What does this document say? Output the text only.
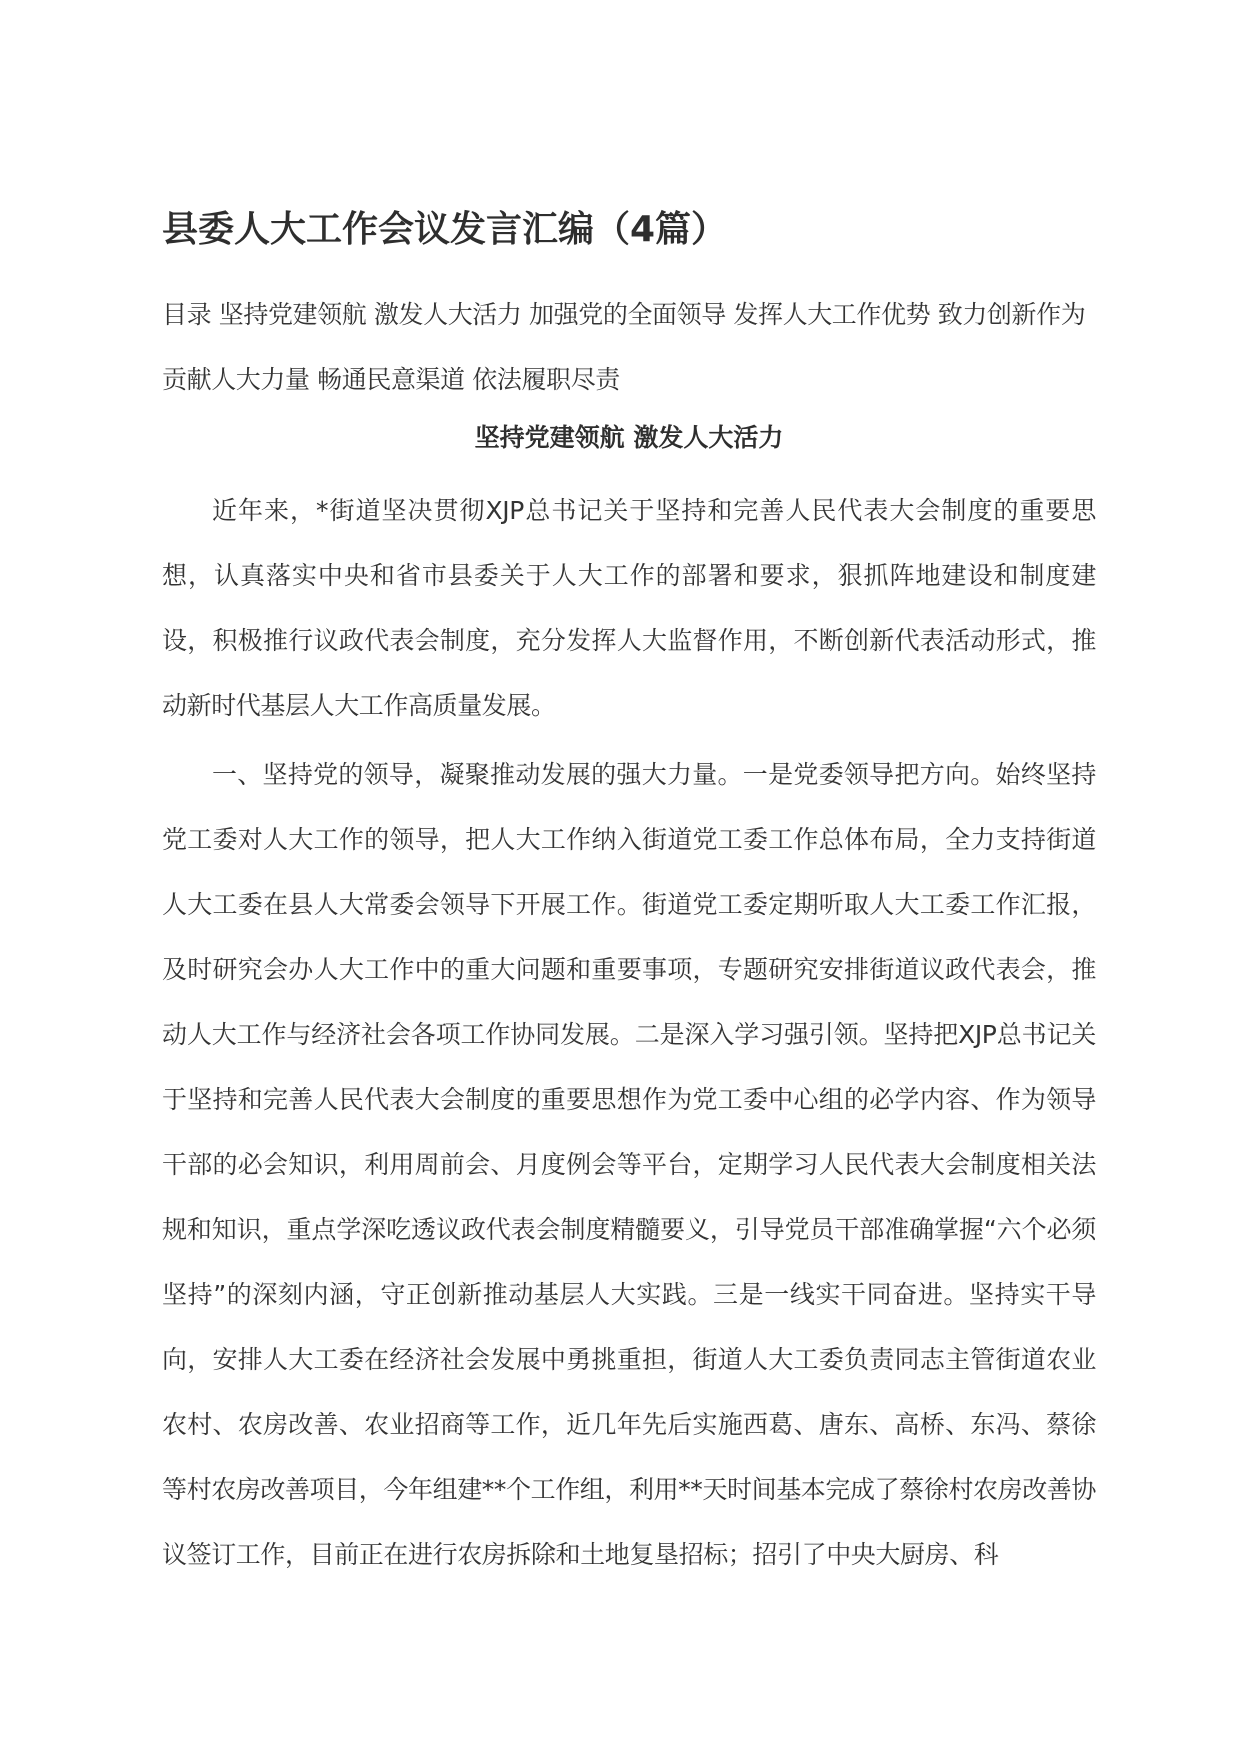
县委人大工作会议发言汇编（4篇）

目录 坚持党建领航 激发人大活力 加强党的全面领导 发挥人大工作优势 致力创新作为 贡献人大力量 畅通民意渠道 依法履职尽责

坚持党建领航 激发人大活力

近年来，*街道坚决贯彻XJP总书记关于坚持和完善人民代表大会制度的重要思想，认真落实中央和省市县委关于人大工作的部署和要求，狠抓阵地建设和制度建设，积极推行议政代表会制度，充分发挥人大监督作用，不断创新代表活动形式，推动新时代基层人大工作高质量发展。

一、坚持党的领导，凝聚推动发展的强大力量。一是党委领导把方向。始终坚持党工委对人大工作的领导，把人大工作纳入街道党工委工作总体布局，全力支持街道人大工委在县人大常委会领导下开展工作。街道党工委定期听取人大工委工作汇报，及时研究会办人大工作中的重大问题和重要事项，专题研究安排街道议政代表会，推动人大工作与经济社会各项工作协同发展。二是深入学习强引领。坚持把XJP总书记关于坚持和完善人民代表大会制度的重要思想作为党工委中心组的必学内容、作为领导干部的必会知识，利用周前会、月度例会等平台，定期学习人民代表大会制度相关法规和知识，重点学深吃透议政代表会制度精髓要义，引导党员干部准确掌握“六个必须坚持”的深刻内涵，守正创新推动基层人大实践。三是一线实干同奋进。坚持实干导向，安排人大工委在经济社会发展中勇挑重担，街道人大工委负责同志主管街道农业农村、农房改善、农业招商等工作，近几年先后实施西葛、唐东、高桥、东冯、蔡徐等村农房改善项目，今年组建**个工作组，利用**天时间基本完成了蔡徐村农房改善协议签订工作，目前正在进行农房拆除和土地复垦招标；招引了中央大厨房、科
